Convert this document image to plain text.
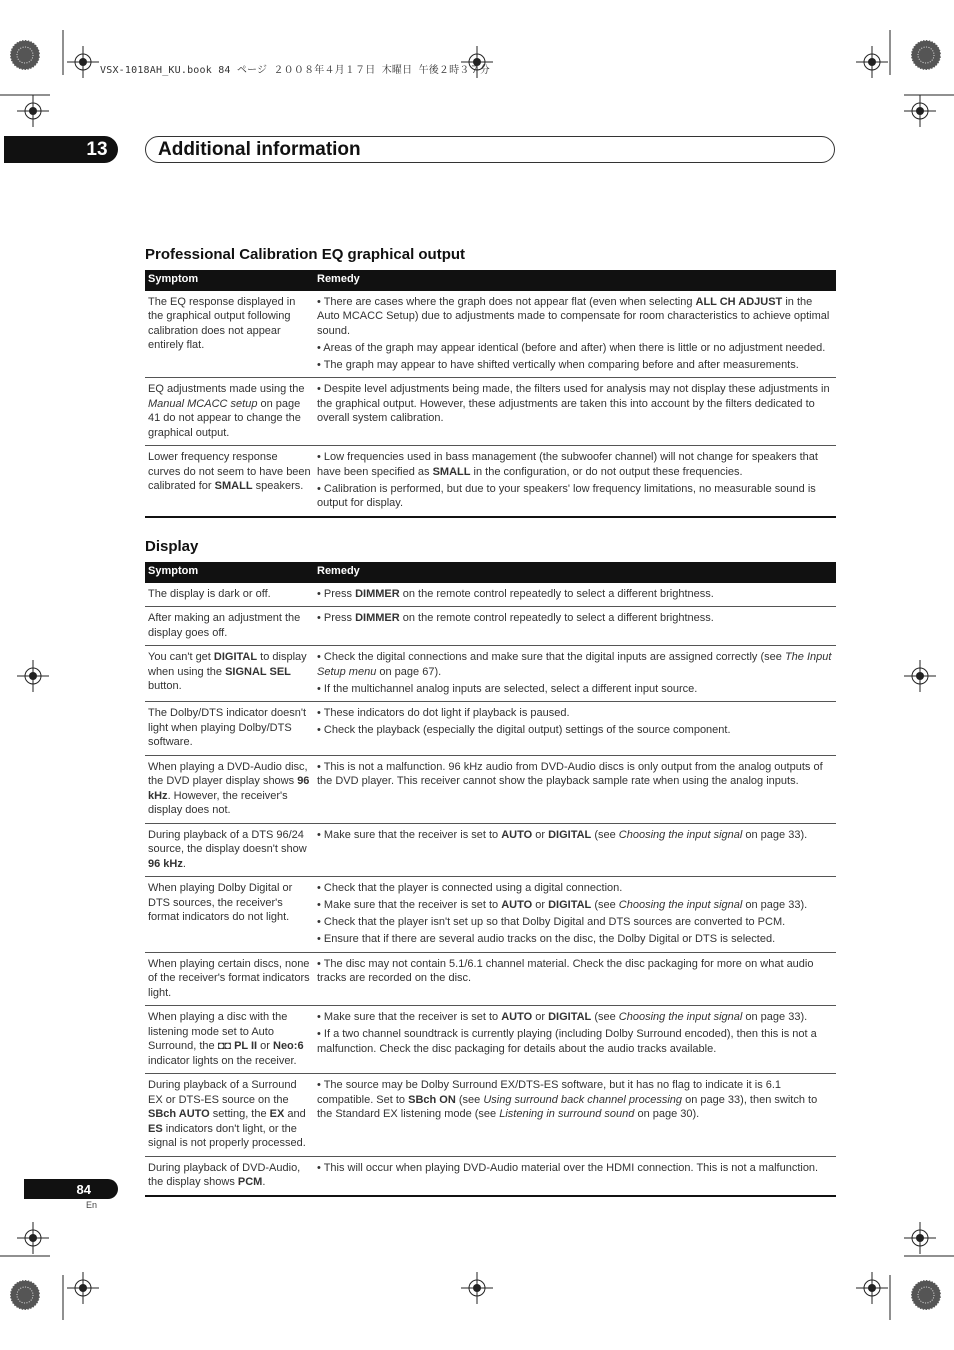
VSX-1018AH_KU.book 84 ページ ２００８年４月１７日 木曜日 午後２時３７分
13	Additional information
Professional Calibration EQ graphical output
Symptom	Remedy
The EQ response displayed in the graphical output following calibration does not appear entirely flat.	• There are cases where the graph does not appear flat (even when selecting ALL CH ADJUST in the Auto MCACC Setup) due to adjustments made to compensate for room characteristics to achieve optimal sound.

• Areas of the graph may appear identical (before and after) when there is little or no adjustment needed.

• The graph may appear to have shifted vertically when comparing before and after measurements.

EQ adjustments made using the Manual MCACC setup on page 41 do not appear to change the graphical output.	• Despite level adjustments being made, the filters used for analysis may not display these adjustments in the graphical output. However, these adjustments are taken this into account by the filters dedicated to overall system calibration.

Lower frequency response curves do not seem to have been calibrated for SMALL speakers.	• Low frequencies used in bass management (the subwoofer channel) will not change for speakers that have been specified as SMALL in the configuration, or do not output these frequencies.

• Calibration is performed, but due to your speakers' low frequency limitations, no measurable sound is output for display.

Display
Symptom	Remedy
The display is dark or off.	• Press DIMMER on the remote control repeatedly to select a different brightness.

After making an adjustment the display goes off.	• Press DIMMER on the remote control repeatedly to select a different brightness.

You can't get DIGITAL to display when using the SIGNAL SEL button.	• Check the digital connections and make sure that the digital inputs are assigned correctly (see The Input Setup menu on page 67).

• If the multichannel analog inputs are selected, select a different input source.

The Dolby/DTS indicator doesn't light when playing Dolby/DTS software.	• These indicators do dot light if playback is paused.

• Check the playback (especially the digital output) settings of the source component.

When playing a DVD-Audio disc, the DVD player display shows 96 kHz. However, the receiver's display does not.	• This is not a malfunction. 96 kHz audio from DVD-Audio discs is only output from the analog outputs of the DVD player. This receiver cannot show the playback sample rate when using the analog inputs.

During playback of a DTS 96/24 source, the display doesn't show 96 kHz.	• Make sure that the receiver is set to AUTO or DIGITAL (see Choosing the input signal on page 33).

When playing Dolby Digital or DTS sources, the receiver's format indicators do not light.	• Check that the player is connected using a digital connection.

• Make sure that the receiver is set to AUTO or DIGITAL (see Choosing the input signal on page 33).

• Check that the player isn't set up so that Dolby Digital and DTS sources are converted to PCM.

• Ensure that if there are several audio tracks on the disc, the Dolby Digital or DTS is selected.

When playing certain discs, none of the receiver's format indicators light.	• The disc may not contain 5.1/6.1 channel material. Check the disc packaging for more on what audio tracks are recorded on the disc.

When playing a disc with the listening mode set to Auto Surround, the ◘◘ PL II or Neo:6 indicator lights on the receiver.	• Make sure that the receiver is set to AUTO or DIGITAL (see Choosing the input signal on page 33).

• If a two channel soundtrack is currently playing (including Dolby Surround encoded), then this is not a malfunction. Check the disc packaging for details about the audio tracks available.

During playback of a Surround EX or DTS-ES source on the SBch AUTO setting, the EX and ES indicators don't light, or the signal is not properly processed.	• The source may be Dolby Surround EX/DTS-ES software, but it has no flag to indicate it is 6.1 compatible. Set to SBch ON (see Using surround back channel processing on page 33), then switch to the Standard EX listening mode (see Listening in surround sound on page 30).

During playback of DVD-Audio, the display shows PCM.	• This will occur when playing DVD-Audio material over the HDMI connection. This is not a malfunction.

84
En
